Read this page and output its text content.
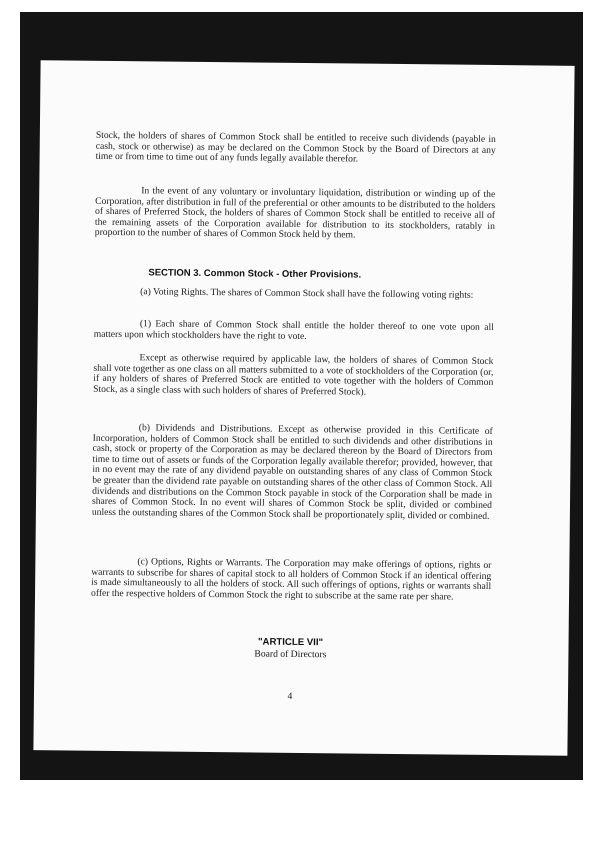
Stock, the holders of shares of Common Stock shall be entitled to receive such dividends (payable in cash, stock or otherwise) as may be declared on the Common Stock by the Board of Directors at any time or from time to time out of any funds legally available therefor.
In the event of any voluntary or involuntary liquidation, distribution or winding up of the Corporation, after distribution in full of the preferential or other amounts to be distributed to the holders of shares of Preferred Stock, the holders of shares of Common Stock shall be entitled to receive all of the remaining assets of the Corporation available for distribution to its stockholders, ratably in proportion to the number of shares of Common Stock held by them.
SECTION 3. Common Stock - Other Provisions.
(a) Voting Rights. The shares of Common Stock shall have the following voting rights:
(1) Each share of Common Stock shall entitle the holder thereof to one vote upon all matters upon which stockholders have the right to vote.
Except as otherwise required by applicable law, the holders of shares of Common Stock shall vote together as one class on all matters submitted to a vote of stockholders of the Corporation (or, if any holders of shares of Preferred Stock are entitled to vote together with the holders of Common Stock, as a single class with such holders of shares of Preferred Stock).
(b) Dividends and Distributions. Except as otherwise provided in this Certificate of Incorporation, holders of Common Stock shall be entitled to such dividends and other distributions in cash, stock or property of the Corporation as may be declared thereon by the Board of Directors from time to time out of assets or funds of the Corporation legally available therefor; provided, however, that in no event may the rate of any dividend payable on outstanding shares of any class of Common Stock be greater than the dividend rate payable on outstanding shares of the other class of Common Stock. All dividends and distributions on the Common Stock payable in stock of the Corporation shall be made in shares of Common Stock. In no event will shares of Common Stock be split, divided or combined unless the outstanding shares of the Common Stock shall be proportionately split, divided or combined.
(c) Options, Rights or Warrants. The Corporation may make offerings of options, rights or warrants to subscribe for shares of capital stock to all holders of Common Stock if an identical offering is made simultaneously to all the holders of stock. All such offerings of options, rights or warrants shall offer the respective holders of Common Stock the right to subscribe at the same rate per share.
"ARTICLE VII"
Board of Directors
4
